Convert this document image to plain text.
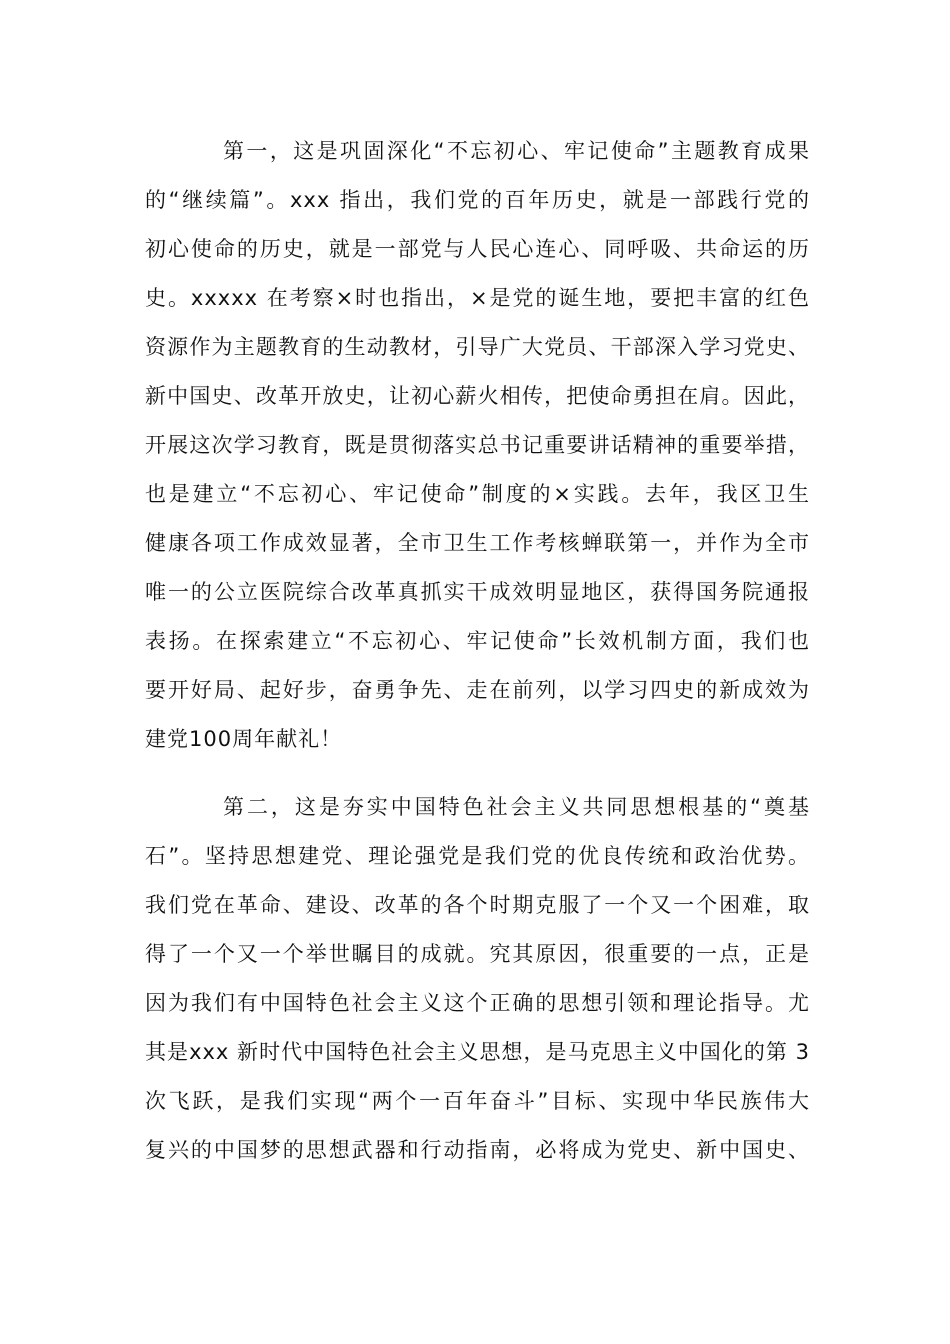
第一，这是巩固深化“不忘初心、牢记使命”主题教育成果
的“继续篇”。xxx 指出，我们党的百年历史，就是一部践行党的
初心使命的历史，就是一部党与人民心连心、同呼吸、共命运的历
史。xxxxx 在考察×时也指出，×是党的诞生地，要把丰富的红色
资源作为主题教育的生动教材，引导广大党员、干部深入学习党史、
新中国史、改革开放史，让初心薪火相传，把使命勇担在肩。因此，
开展这次学习教育，既是贯彻落实总书记重要讲话精神的重要举措，
也是建立“不忘初心、牢记使命”制度的×实践。去年，我区卫生
健康各项工作成效显著，全市卫生工作考核蝉联第一，并作为全市
唯一的公立医院综合改革真抓实干成效明显地区，获得国务院通报
表扬。在探索建立“不忘初心、牢记使命”长效机制方面，我们也
要开好局、起好步，奋勇争先、走在前列，以学习四史的新成效为
建党100周年献礼！
第二，这是夯实中国特色社会主义共同思想根基的“奠基
石”。坚持思想建党、理论强党是我们党的优良传统和政治优势。
我们党在革命、建设、改革的各个时期克服了一个又一个困难，取
得了一个又一个举世瞩目的成就。究其原因，很重要的一点，正是
因为我们有中国特色社会主义这个正确的思想引领和理论指导。尤
其是xxx 新时代中国特色社会主义思想，是马克思主义中国化的第 3
次飞跃，是我们实现“两个一百年奋斗”目标、实现中华民族伟大
复兴的中国梦的思想武器和行动指南，必将成为党史、新中国史、
